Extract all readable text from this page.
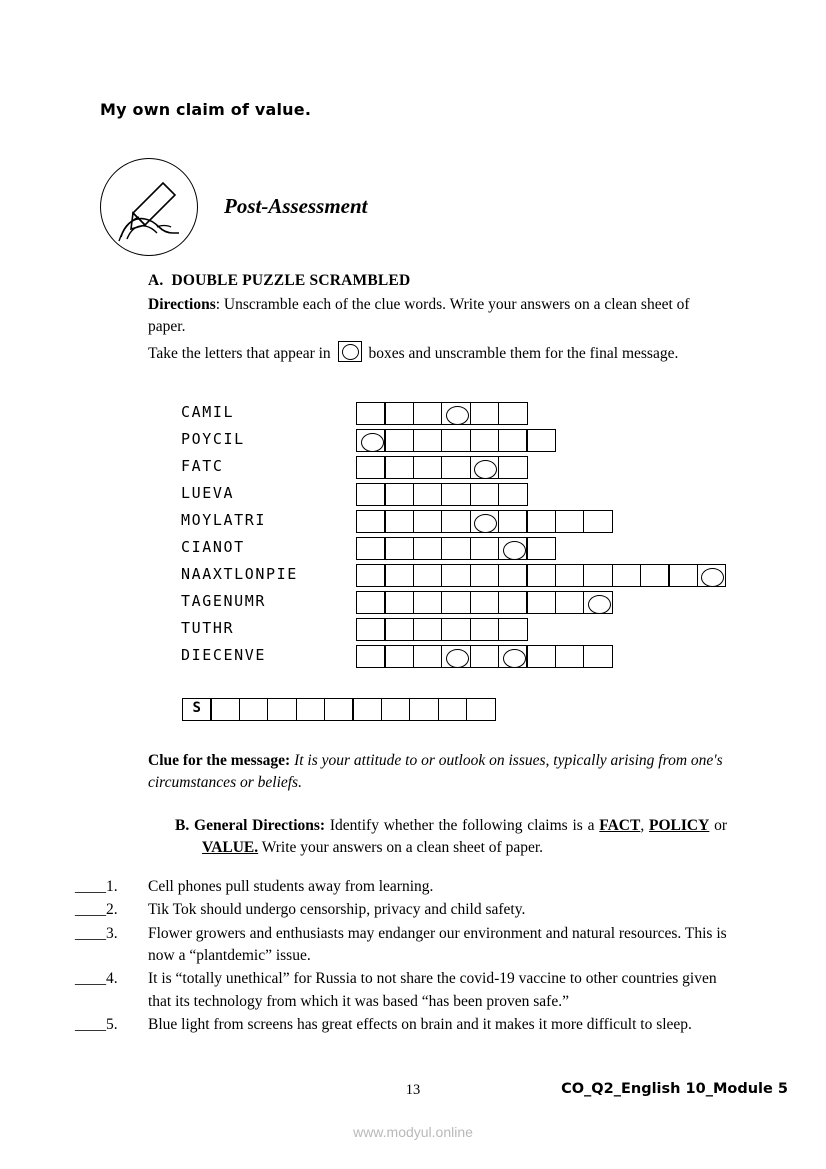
My own claim of value.
Post-Assessment
A. DOUBLE PUZZLE SCRAMBLED
Directions: Unscramble each of the clue words. Write your answers on a clean sheet of paper.
Take the letters that appear in boxes and unscramble them for the final message.
CAMIL
POYCIL
FATC
LUEVA
MOYLATRI
CIANOT
NAAXTLONPIE
TAGENUMR
TUTHR
DIECENVE
S
Clue for the message: It is your attitude to or outlook on issues, typically arising from one's circumstances or beliefs.
B. General Directions: Identify whether the following claims is a FACT, POLICY or VALUE. Write your answers on a clean sheet of paper.
____1.	Cell phones pull students away from learning.
____2.	Tik Tok should undergo censorship, privacy and child safety.
____3.	Flower growers and enthusiasts may endanger our environment and natural resources. This is now a “plantdemic” issue.
____4.	It is “totally unethical” for Russia to not share the covid-19 vaccine to other countries given that its technology from which it was based “has been proven safe.”
____5.	Blue light from screens has great effects on brain and it makes it more difficult to sleep.
13	CO_Q2_English 10_Module 5
www.modyul.online
